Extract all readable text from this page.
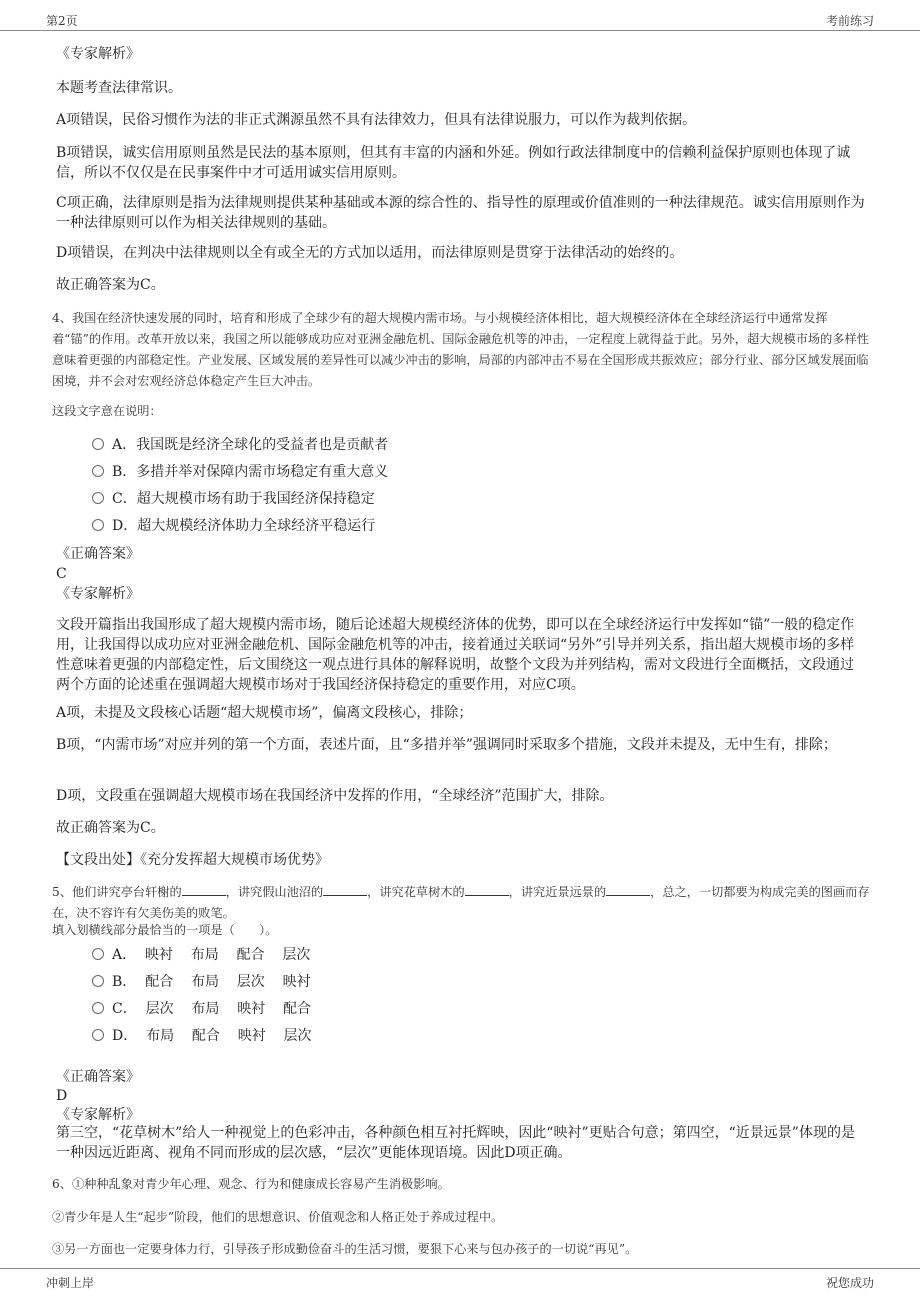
第2页	考前练习

《专家解析》

本题考查法律常识。

A项错误，民俗习惯作为法的非正式渊源虽然不具有法律效力，但具有法律说服力，可以作为裁判依据。

B项错误，诚实信用原则虽然是民法的基本原则，但其有丰富的内涵和外延。例如行政法律制度中的信赖利益保护原则也体现了诚信，所以不仅仅是在民事案件中才可适用诚实信用原则。

C项正确，法律原则是指为法律规则提供某种基础或本源的综合性的、指导性的原理或价值准则的一种法律规范。诚实信用原则作为一种法律原则可以作为相关法律规则的基础。

D项错误，在判决中法律规则以全有或全无的方式加以适用，而法律原则是贯穿于法律活动的始终的。

故正确答案为C。

4、我国在经济快速发展的同时，培育和形成了全球少有的超大规模内需市场。与小规模经济体相比，超大规模经济体在全球经济运行中通常发挥着“锚”的作用。改革开放以来，我国之所以能够成功应对亚洲金融危机、国际金融危机等的冲击，一定程度上就得益于此。另外，超大规模市场的多样性意味着更强的内部稳定性。产业发展、区域发展的差异性可以减少冲击的影响，局部的内部冲击不易在全国形成共振效应；部分行业、部分区域发展面临困境，并不会对宏观经济总体稳定产生巨大冲击。

这段文字意在说明：

A．我国既是经济全球化的受益者也是贡献者
B．多措并举对保障内需市场稳定有重大意义
C．超大规模市场有助于我国经济保持稳定
D．超大规模经济体助力全球经济平稳运行

《正确答案》

C

《专家解析》

文段开篇指出我国形成了超大规模内需市场，随后论述超大规模经济体的优势，即可以在全球经济运行中发挥如“锚”一般的稳定作用，让我国得以成功应对亚洲金融危机、国际金融危机等的冲击，接着通过关联词“另外”引导并列关系，指出超大规模市场的多样性意味着更强的内部稳定性，后文围绕这一观点进行具体的解释说明，故整个文段为并列结构，需对文段进行全面概括，文段通过两个方面的论述重在强调超大规模市场对于我国经济保持稳定的重要作用，对应C项。

A项，未提及文段核心话题“超大规模市场”，偏离文段核心，排除；

B项，“内需市场”对应并列的第一个方面，表述片面，且“多措并举”强调同时采取多个措施，文段并未提及，无中生有，排除；

D项，文段重在强调超大规模市场在我国经济中发挥的作用，“全球经济”范围扩大，排除。

故正确答案为C。

【文段出处】《充分发挥超大规模市场优势》

5、他们讲究亭台轩榭的	，讲究假山池沼的	，讲究花草树木的	，讲究近景远景的	，总之，一切都要为构成完美的图画而存在，决不容许有欠美伤美的败笔。

填入划横线部分最恰当的一项是（　　）。

A．  映衬    布局    配合    层次
B．  配合    布局    层次    映衬
C．  层次    布局    映衬    配合
D．  布局    配合    映衬    层次

《正确答案》

D

《专家解析》

第三空，“花草树木”给人一种视觉上的色彩冲击，各种颜色相互衬托辉映，因此“映衬”更贴合句意；第四空，“近景远景”体现的是一种因远近距离、视角不同而形成的层次感，“层次”更能体现语境。因此D项正确。

6、①种种乱象对青少年心理、观念、行为和健康成长容易产生消极影响。

②青少年是人生“起步”阶段，他们的思想意识、价值观念和人格正处于养成过程中。

③另一方面也一定要身体力行，引导孩子形成勤俭奋斗的生活习惯，要狠下心来与包办孩子的一切说“再见”。

冲刺上岸	祝您成功
